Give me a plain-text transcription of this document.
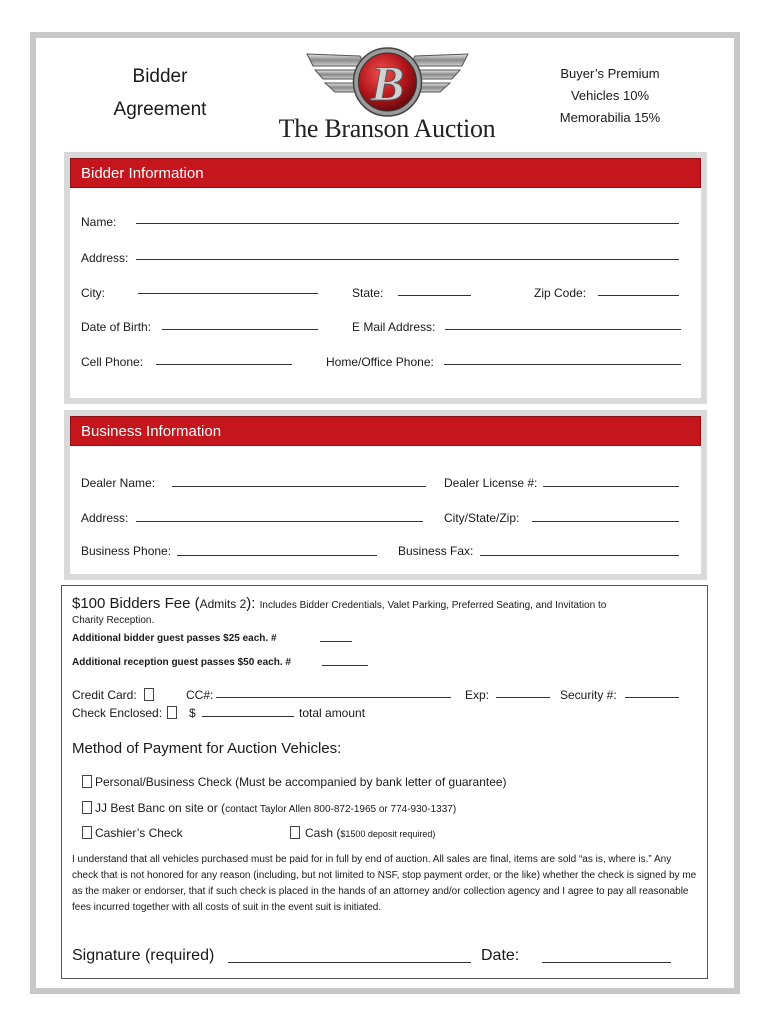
Bidder
Agreement	B
The Branson Auction
Buyer’s Premium
Vehicles 10%
Memorabilia 15%
Bidder Information
Name:
Address:
City:	State:	Zip Code:
Date of Birth:	E Mail Address:
Cell Phone:	Home/Office Phone:
Business Information
Dealer Name:	Dealer License #:
Address:	City/State/Zip:
Business Phone:	Business Fax:
$100 Bidders Fee (Admits 2): Includes Bidder Credentials, Valet Parking, Preferred Seating, and Invitation to
Charity Reception.
Additional bidder guest passes $25 each. #
Additional reception guest passes $50 each. #
Credit Card:	CC#:	Exp:	Security #:
Check Enclosed: $	total amount
Method of Payment for Auction Vehicles:
Personal/Business Check (Must be accompanied by bank letter of guarantee)
JJ Best Banc on site or (contact Taylor Allen 800-872-1965 or 774-930-1337)
Cashier’s Check	Cash ($1500 deposit required)
I understand that all vehicles purchased must be paid for in full by end of auction. All sales are final, items are sold “as is, where is.” Any check that is not honored for any reason (including, but not limited to NSF, stop payment order, or the like) whether the check is signed by me as the maker or endorser, that if such check is placed in the hands of an attorney and/or collection agency and I agree to pay all reasonable fees incurred together with all costs of suit in the event suit is initiated.
Signature (required)	Date:
